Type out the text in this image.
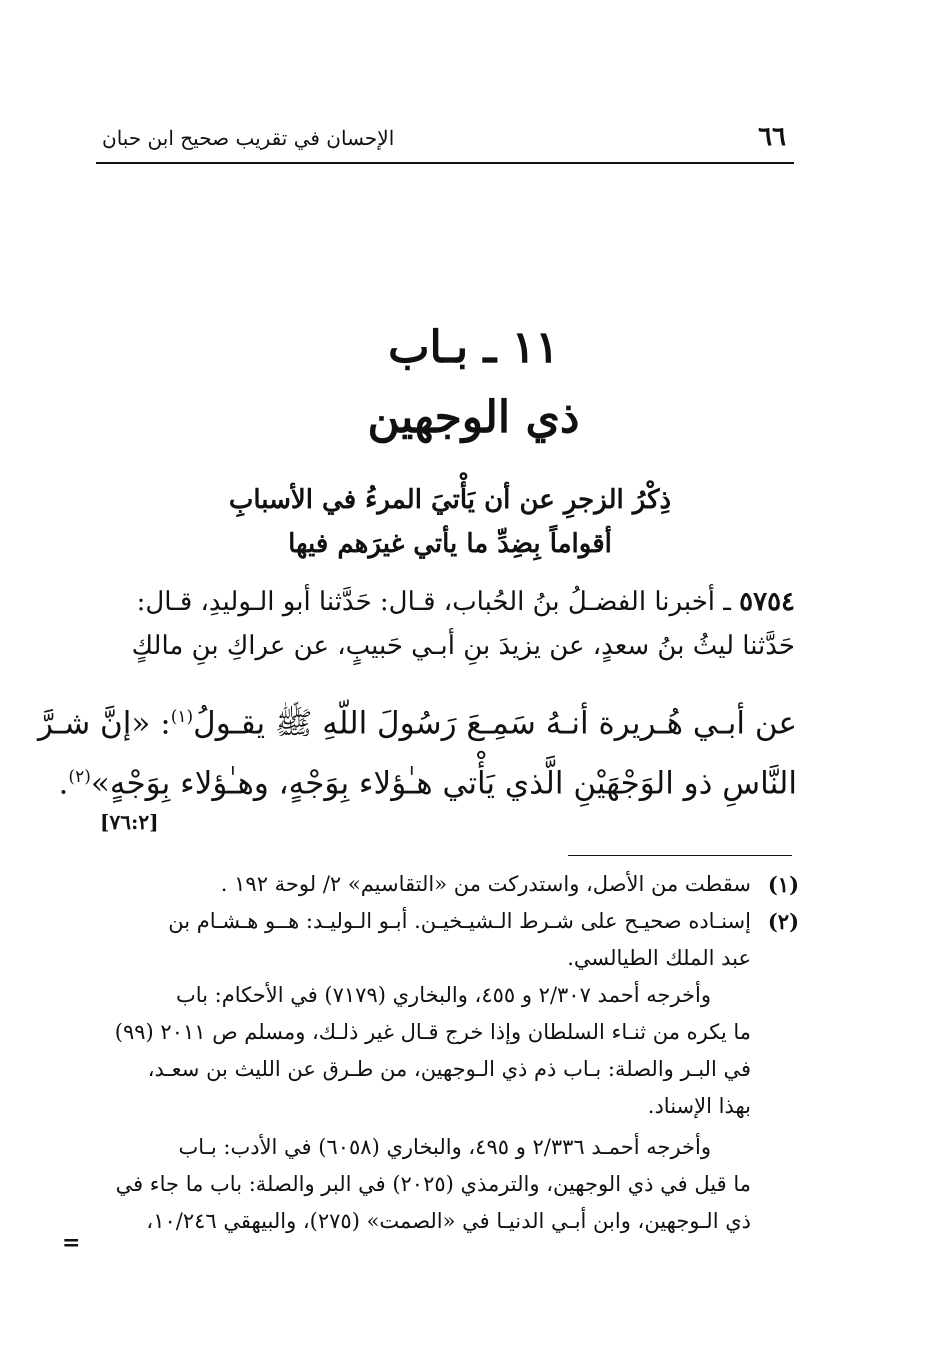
٦٦
الإحسان في تقريب صحيح ابن حبان
١١ ـ بـاب
ذي الوجهين
ذِكْرُ الزجرِ عن أن يَأْتيَ المرءُ في الأسبابِ
أقواماً بِضِدِّ ما يأتي غيرَهم فيها
٥٧٥٤ ـ أخبرنا الفضـلُ بنُ الحُباب، قـال: حَدَّثنا أبو الـوليدِ، قـال:
حَدَّثنا ليثُ بنُ سعدٍ، عن يزيدَ بنِ أبـي حَبيبٍ، عن عراكِ بنِ مالكٍ
عن أبـي هُـريرة أنـهُ سَمِـعَ رَسُولَ اللّهِ ﷺ يقـولُ$^{(١)}$: «إنَّ شـرَّ
النَّاسِ ذو الوَجْهَيْنِ الَّذي يَأْتي هـٰؤلاء بِوَجْهٍ، وهـٰؤلاء بِوَجْهٍ»$^{(٢)}$.
[٧٦:٢]
(١)
سقطت من الأصل، واستدركت من «التقاسيم» ٢/ لوحة ١٩٢ .
(٢)
إسنـاده صحيـح على شـرط الـشيـخيـن. أبـو الـوليـد: هــو هـشـام بن
عبد الملك الطيالسي.
وأخرجه أحمد ٢/٣٠٧ و ٤٥٥، والبخاري (٧١٧٩) في الأحكام: باب
ما يكره من ثنـاء السلطان وإذا خرج قـال غير ذلـك، ومسلم ص ٢٠١١ (٩٩)
في البـر والصلة: بـاب ذم ذي الـوجهين، من طـرق عن الليث بن سعـد،
بهذا الإسناد.
وأخرجه أحمـد ٢/٣٣٦ و ٤٩٥، والبخاري (٦٠٥٨) في الأدب: بـاب
ما قيل في ذي الوجهين، والترمذي (٢٠٢٥) في البر والصلة: باب ما جاء في
ذي الـوجهين، وابن أبـي الدنيـا في «الصمت» (٢٧٥)، والبيهقي ١٠/٢٤٦،
=
